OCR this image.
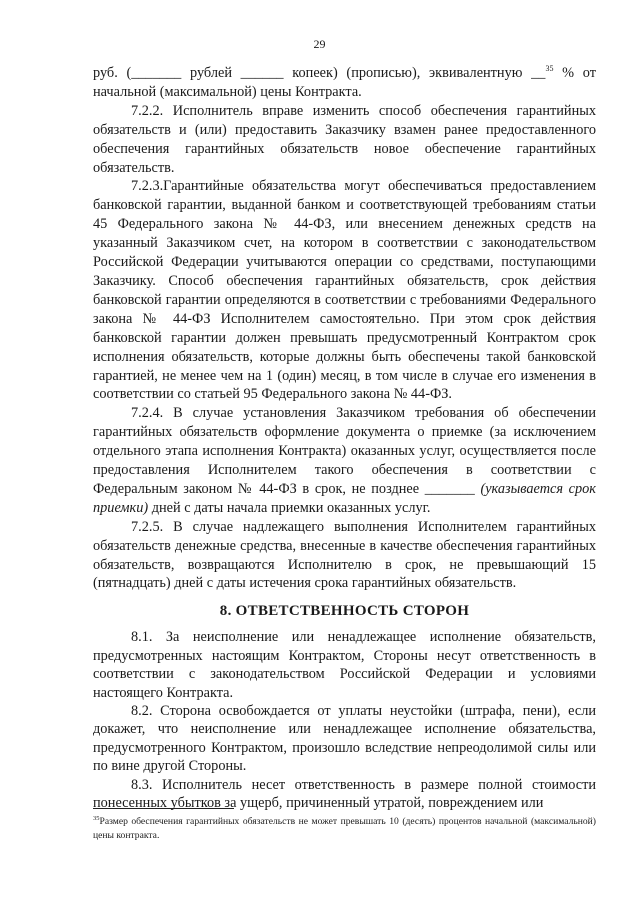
29

руб. (_______ рублей ______ копеек) (прописью), эквивалентную __$^{35}$ % от начальной (максимальной) цены Контракта.

7.2.2. Исполнитель вправе изменить способ обеспечения гарантийных обязательств и (или) предоставить Заказчику взамен ранее предоставленного обеспечения гарантийных обязательств новое обеспечение гарантийных обязательств.

7.2.3.Гарантийные обязательства могут обеспечиваться предоставлением банковской гарантии, выданной банком и соответствующей требованиям статьи 45 Федерального закона № 44-ФЗ, или внесением денежных средств на указанный Заказчиком счет, на котором в соответствии с законодательством Российской Федерации учитываются операции со средствами, поступающими Заказчику. Способ обеспечения гарантийных обязательств, срок действия банковской гарантии определяются в соответствии с требованиями Федерального закона № 44-ФЗ Исполнителем самостоятельно. При этом срок действия банковской гарантии должен превышать предусмотренный Контрактом срок исполнения обязательств, которые должны быть обеспечены такой банковской гарантией, не менее чем на 1 (один) месяц, в том числе в случае его изменения в соответствии со статьей 95 Федерального закона № 44-ФЗ.

7.2.4. В случае установления Заказчиком требования об обеспечении гарантийных обязательств оформление документа о приемке (за исключением отдельного этапа исполнения Контракта) оказанных услуг, осуществляется после предоставления Исполнителем такого обеспечения в соответствии с Федеральным законом № 44-ФЗ в срок, не позднее _______ (указывается срок приемки) дней с даты начала приемки оказанных услуг.

7.2.5. В случае надлежащего выполнения Исполнителем гарантийных обязательств денежные средства, внесенные в качестве обеспечения гарантийных обязательств, возвращаются Исполнителю в срок, не превышающий 15 (пятнадцать) дней с даты истечения срока гарантийных обязательств.

8. ОТВЕТСТВЕННОСТЬ СТОРОН

8.1. За неисполнение или ненадлежащее исполнение обязательств, предусмотренных настоящим Контрактом, Стороны несут ответственность в соответствии с законодательством Российской Федерации и условиями настоящего Контракта.

8.2. Сторона освобождается от уплаты неустойки (штрафа, пени), если докажет, что неисполнение или ненадлежащее исполнение обязательства, предусмотренного Контрактом, произошло вследствие непреодолимой силы или по вине другой Стороны.

8.3. Исполнитель несет ответственность в размере полной стоимости понесенных убытков за ущерб, причиненный утратой, повреждением или

$^{35}$Размер обеспечения гарантийных обязательств не может превышать 10 (десять) процентов начальной (максимальной) цены контракта.
